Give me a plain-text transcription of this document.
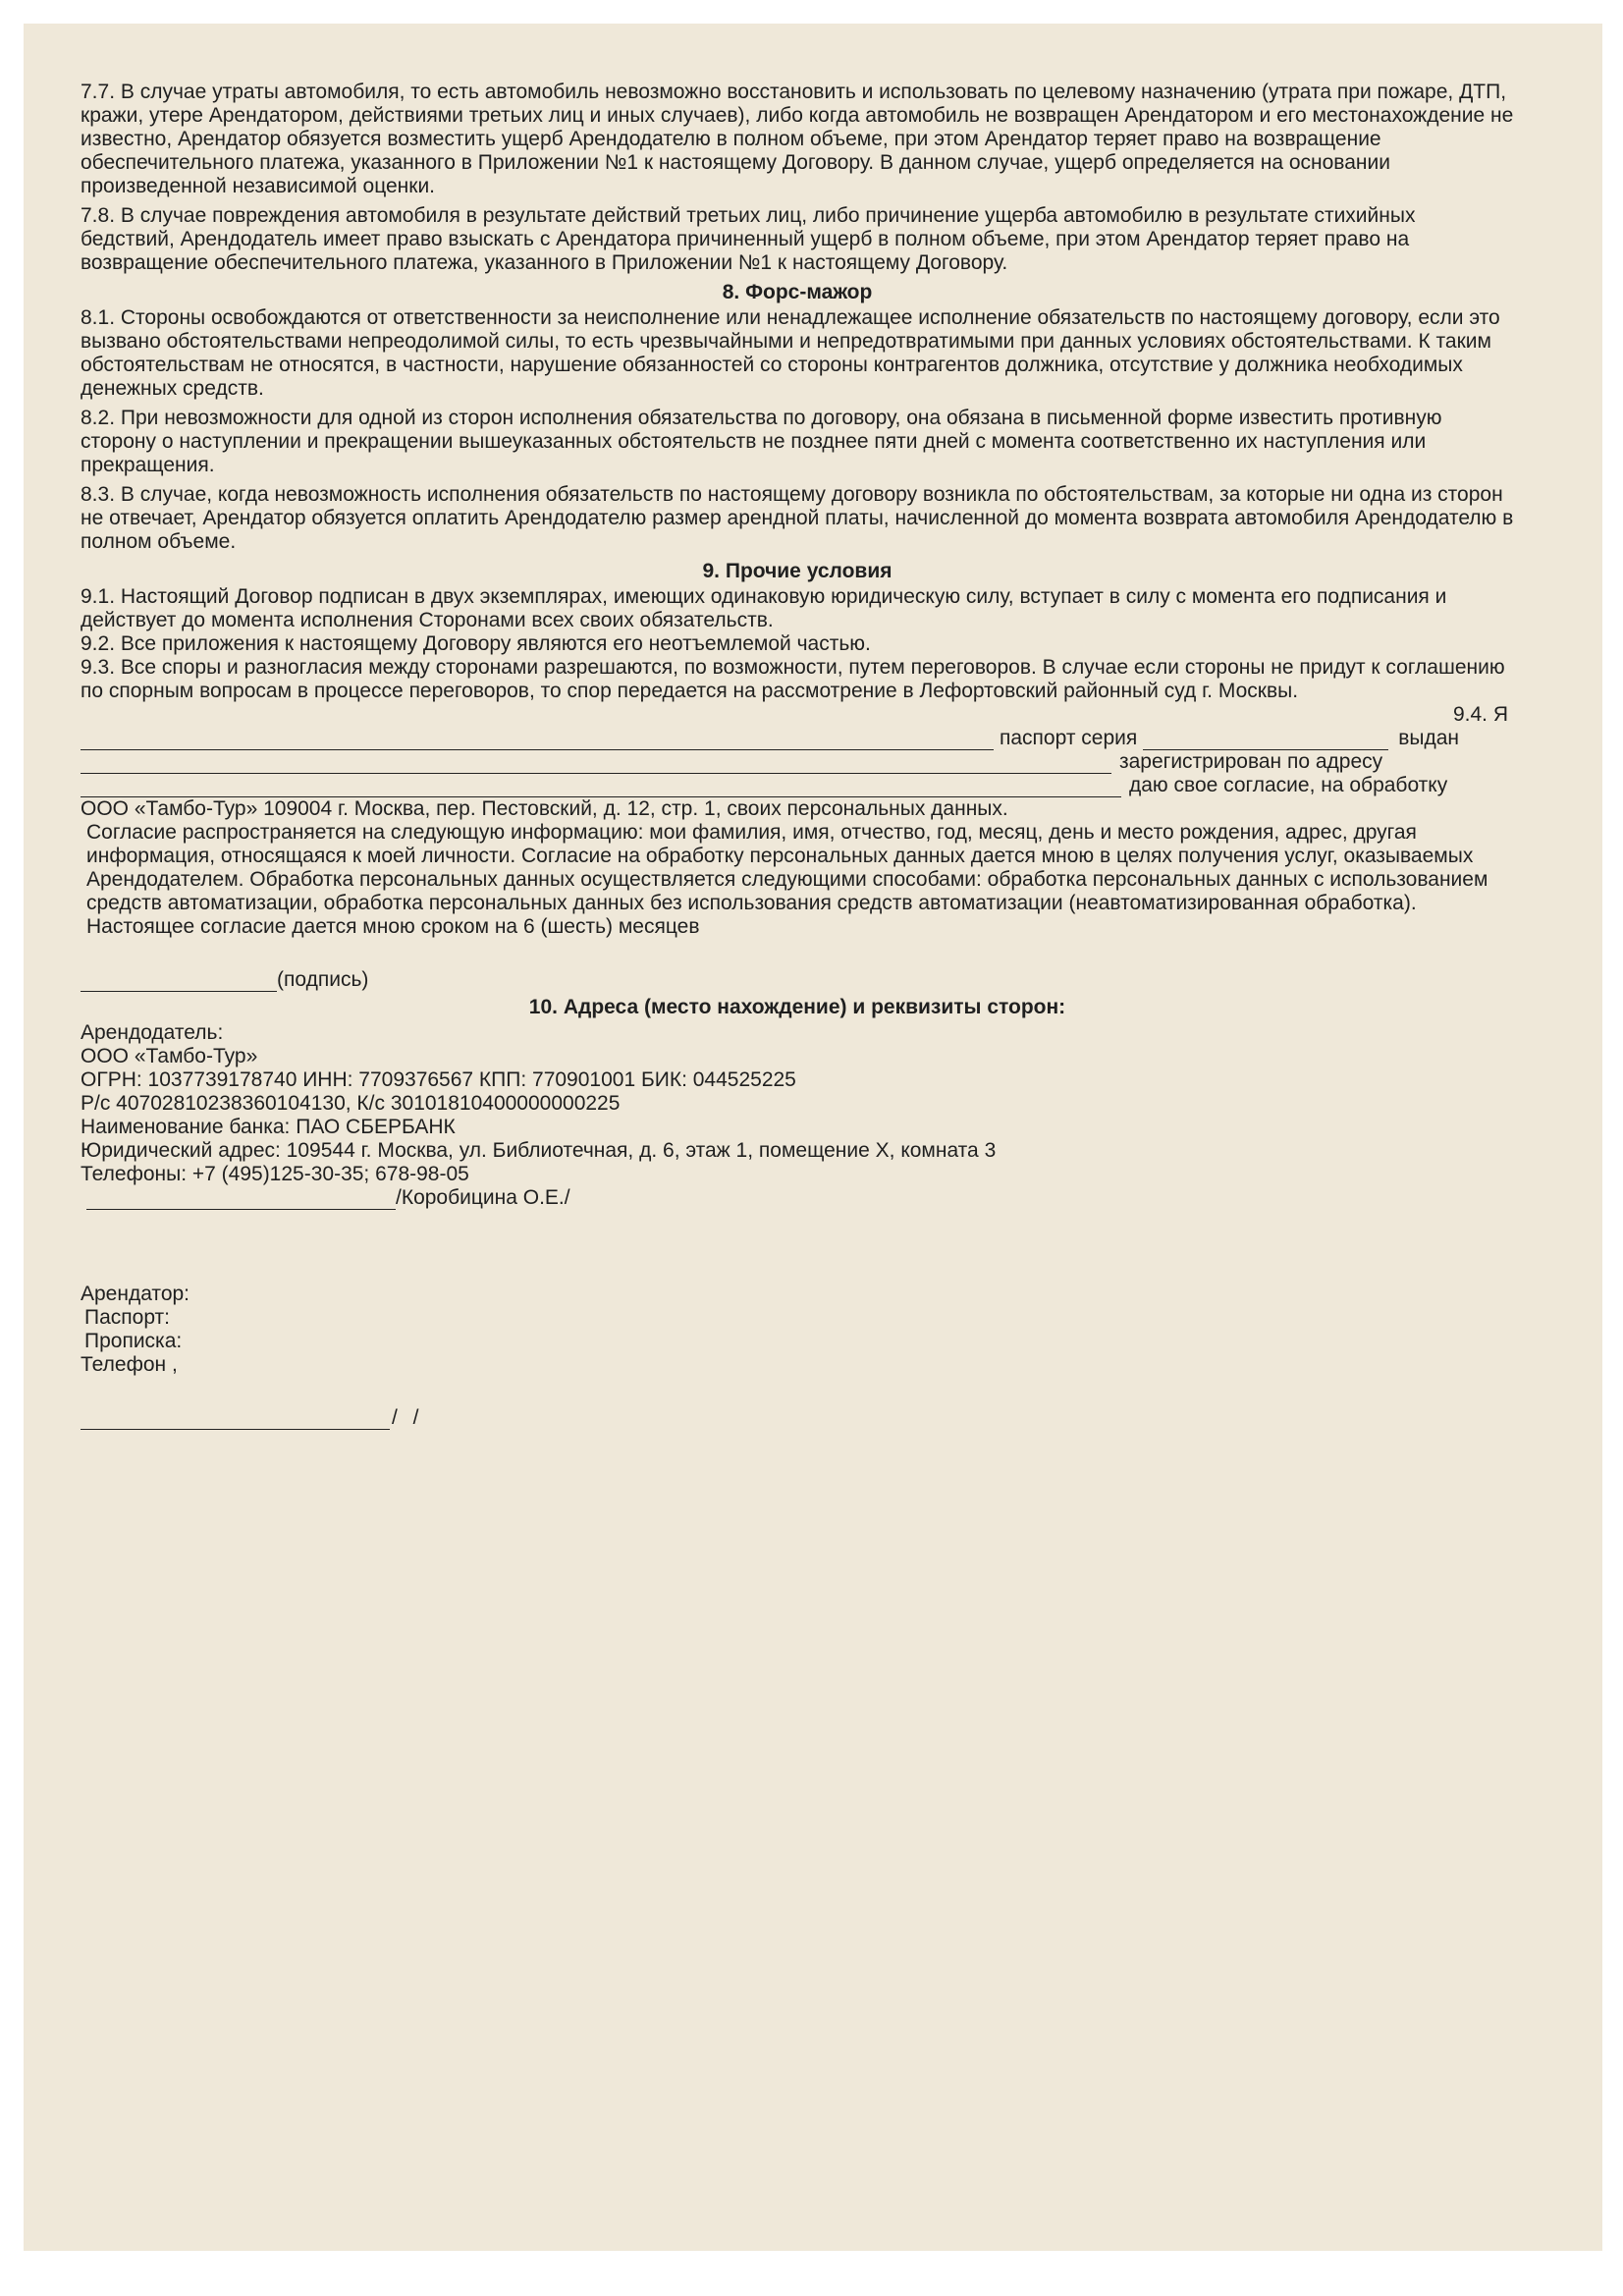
7.7. В случае утраты автомобиля, то есть автомобиль невозможно восстановить и использовать по целевому назначению (утрата при пожаре, ДТП, кражи, утере Арендатором, действиями третьих лиц и иных случаев), либо когда автомобиль не возвращен Арендатором и его местонахождение не известно, Арендатор обязуется возместить ущерб Арендодателю в полном объеме, при этом Арендатор теряет право на возвращение обеспечительного платежа, указанного в Приложении №1 к настоящему Договору. В данном случае, ущерб определяется на основании произведенной независимой оценки.

7.8. В случае повреждения автомобиля в результате действий третьих лиц, либо причинение ущерба автомобилю в результате стихийных бедствий, Арендодатель имеет право взыскать с Арендатора причиненный ущерб в полном объеме, при этом Арендатор теряет право на возвращение обеспечительного платежа, указанного в Приложении №1 к настоящему Договору.

8. Форс-мажор

8.1. Стороны освобождаются от ответственности за неисполнение или ненадлежащее исполнение обязательств по настоящему договору, если это вызвано обстоятельствами непреодолимой силы, то есть чрезвычайными и непредотвратимыми при данных условиях обстоятельствами. К таким обстоятельствам не относятся, в частности, нарушение обязанностей со стороны контрагентов должника, отсутствие у должника необходимых денежных средств.

8.2. При невозможности для одной из сторон исполнения обязательства по договору, она обязана в письменной форме известить противную сторону о наступлении и прекращении вышеуказанных обстоятельств не позднее пяти дней с момента соответственно их наступления или прекращения.

8.3. В случае, когда невозможность исполнения обязательств по настоящему договору возникла по обстоятельствам, за которые ни одна из сторон не отвечает, Арендатор обязуется оплатить Арендодателю размер арендной платы, начисленной до момента возврата автомобиля Арендодателю в полном объеме.

9. Прочие условия

9.1. Настоящий Договор подписан в двух экземплярах, имеющих одинаковую юридическую силу, вступает в силу с момента его подписания и действует до момента исполнения Сторонами всех своих обязательств.

9.2. Все приложения к настоящему Договору являются его неотъемлемой частью.

9.3. Все споры и разногласия между сторонами разрешаются, по возможности, путем переговоров. В случае если стороны не придут к соглашению по спорным вопросам в процессе переговоров, то спор передается на рассмотрение в Лефортовский районный суд г. Москвы.

9.4. Я

паспорт серия	выдан
зарегистрирован по адресу
даю свое согласие, на обработку

ООО «Тамбо-Тур» 109004 г. Москва, пер. Пестовский, д. 12, стр. 1, своих персональных данных.

Согласие распространяется на следующую информацию: мои фамилия, имя, отчество, год, месяц, день и место рождения, адрес, другая информация, относящаяся к моей личности. Согласие на обработку персональных данных дается мною в целях получения услуг, оказываемых Арендодателем. Обработка персональных данных осуществляется следующими способами: обработка персональных данных с использованием средств автоматизации, обработка персональных данных без использования средств автоматизации (неавтоматизированная обработка). Настоящее согласие дается мною сроком на 6 (шесть) месяцев

(подпись)

10. Адреса (место нахождение) и реквизиты сторон:

Арендодатель:

ООО «Тамбо-Тур»

ОГРН: 1037739178740 ИНН: 7709376567 КПП: 770901001 БИК: 044525225

Р/с 40702810238360104130, К/с 30101810400000000225

Наименование банка: ПАО СБЕРБАНК

Юридический адрес: 109544 г. Москва, ул. Библиотечная, д. 6, этаж 1, помещение Х, комната 3

Телефоны: +7 (495)125-30-35; 678-98-05

/Коробицина О.Е./

Арендатор:

Паспорт:

Прописка:

Телефон ,

/ /
